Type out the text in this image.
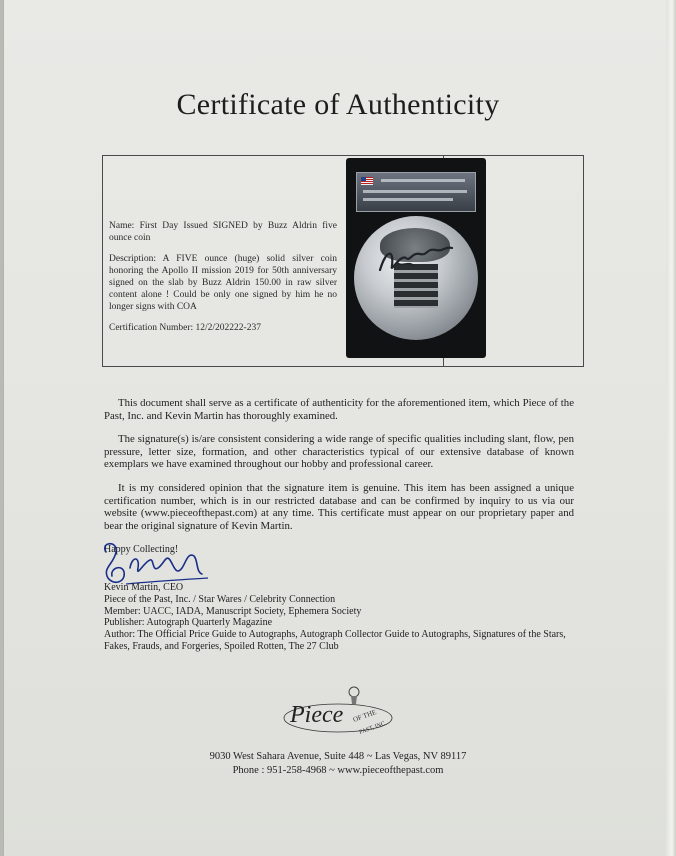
Certificate of Authenticity

Name: First Day Issued SIGNED by Buzz Aldrin five ounce coin

Description: A FIVE ounce (huge) solid silver coin honoring the Apollo II mission 2019 for 50th anniversary signed on the slab by Buzz Aldrin 150.00 in raw silver content alone ! Could be only one signed by him he no longer signs with COA

Certification Number: 12/2/202222-237

This document shall serve as a certificate of authenticity for the aforementioned item, which Piece of the Past, Inc. and Kevin Martin has thoroughly examined.

The signature(s) is/are consistent considering a wide range of specific qualities including slant, flow, pen pressure, letter size, formation, and other characteristics typical of our extensive database of known exemplars we have examined throughout our hobby and professional career.

It is my considered opinion that the signature item is genuine. This item has been assigned a unique certification number, which is in our restricted database and can be confirmed by inquiry to us via our website (www.pieceofthepast.com) at any time. This certificate must appear on our proprietary paper and bear the original signature of Kevin Martin.

Happy Collecting!
Kevin Martin, CEO
Piece of the Past, Inc. / Star Wares / Celebrity Connection
Member: UACC, IADA, Manuscript Society, Ephemera Society
Publisher: Autograph Quarterly Magazine
Author: The Official Price Guide to Autographs, Autograph Collector Guide to Autographs, Signatures of the Stars, Fakes, Frauds, and Forgeries, Spoiled Rotten, The 27 Club
Piece OF THE
PAST, INC.
9030 West Sahara Avenue, Suite 448 ~ Las Vegas, NV 89117
Phone : 951-258-4968 ~ www.pieceofthepast.com
